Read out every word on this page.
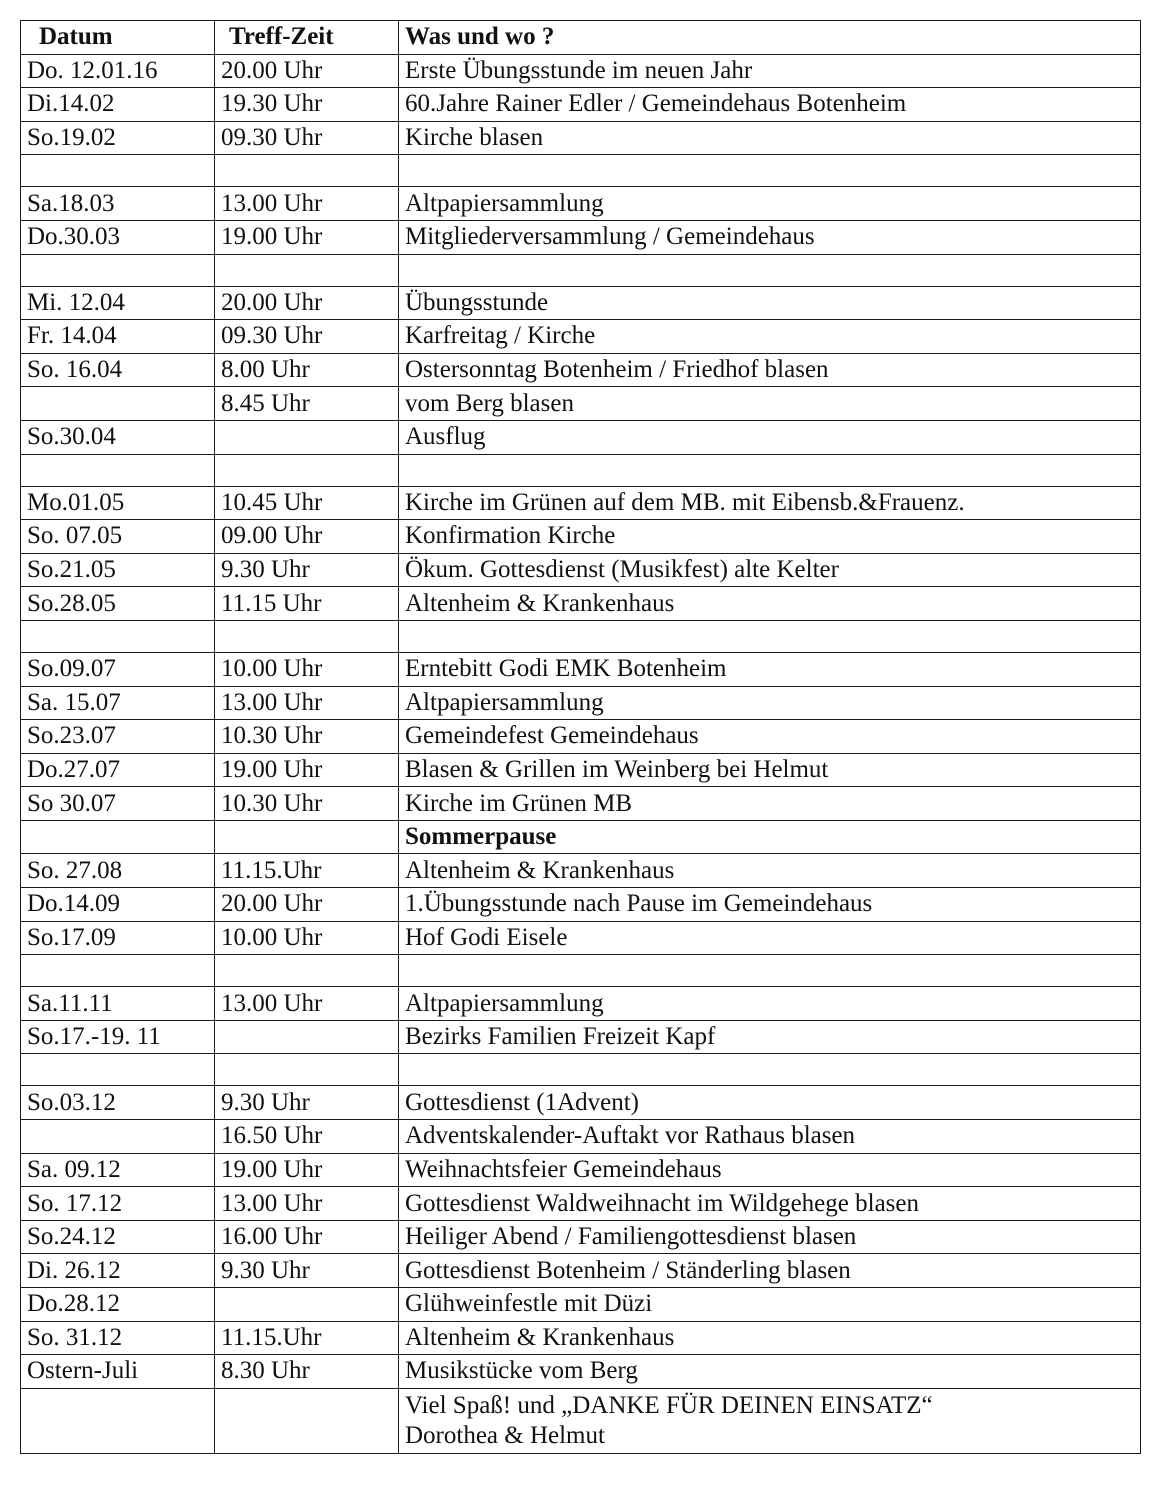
Datum	Treff-Zeit	Was und wo ?
Do. 12.01.16	20.00 Uhr	Erste Übungsstunde im neuen Jahr
Di.14.02	19.30 Uhr	60.Jahre Rainer Edler / Gemeindehaus Botenheim
So.19.02	09.30 Uhr	Kirche blasen

Sa.18.03	13.00 Uhr	Altpapiersammlung
Do.30.03	19.00 Uhr	Mitgliederversammlung / Gemeindehaus

Mi. 12.04	20.00 Uhr	Übungsstunde
Fr. 14.04	09.30 Uhr	Karfreitag / Kirche
So. 16.04	8.00 Uhr	Ostersonntag Botenheim / Friedhof blasen
	8.45 Uhr	vom Berg blasen
So.30.04		Ausflug

Mo.01.05	10.45 Uhr	Kirche im Grünen auf dem MB. mit Eibensb.&Frauenz.
So. 07.05	09.00 Uhr	Konfirmation Kirche
So.21.05	9.30 Uhr	Ökum. Gottesdienst (Musikfest) alte Kelter
So.28.05	11.15 Uhr	Altenheim & Krankenhaus

So.09.07	10.00 Uhr	Erntebitt Godi EMK Botenheim
Sa. 15.07	13.00 Uhr	Altpapiersammlung
So.23.07	10.30 Uhr	Gemeindefest Gemeindehaus
Do.27.07	19.00 Uhr	Blasen & Grillen im Weinberg bei Helmut
So 30.07	10.30 Uhr	Kirche im Grünen MB
		Sommerpause
So. 27.08	11.15.Uhr	Altenheim & Krankenhaus
Do.14.09	20.00 Uhr	1.Übungsstunde nach Pause im Gemeindehaus
So.17.09	10.00 Uhr	Hof Godi Eisele

Sa.11.11	13.00 Uhr	Altpapiersammlung
So.17.-19. 11		Bezirks Familien Freizeit Kapf

So.03.12	9.30 Uhr	Gottesdienst (1Advent)
	16.50 Uhr	Adventskalender-Auftakt vor Rathaus blasen
Sa. 09.12	19.00 Uhr	Weihnachtsfeier Gemeindehaus
So. 17.12	13.00 Uhr	Gottesdienst Waldweihnacht im Wildgehege blasen
So.24.12	16.00 Uhr	Heiliger Abend / Familiengottesdienst blasen
Di. 26.12	9.30 Uhr	Gottesdienst Botenheim / Ständerling blasen
Do.28.12		Glühweinfestle mit Düzi
So. 31.12	11.15.Uhr	Altenheim & Krankenhaus
Ostern-Juli	8.30 Uhr	Musikstücke vom Berg

		Viel Spaß! und „DANKE FÜR DEINEN EINSATZ“
Dorothea & Helmut
